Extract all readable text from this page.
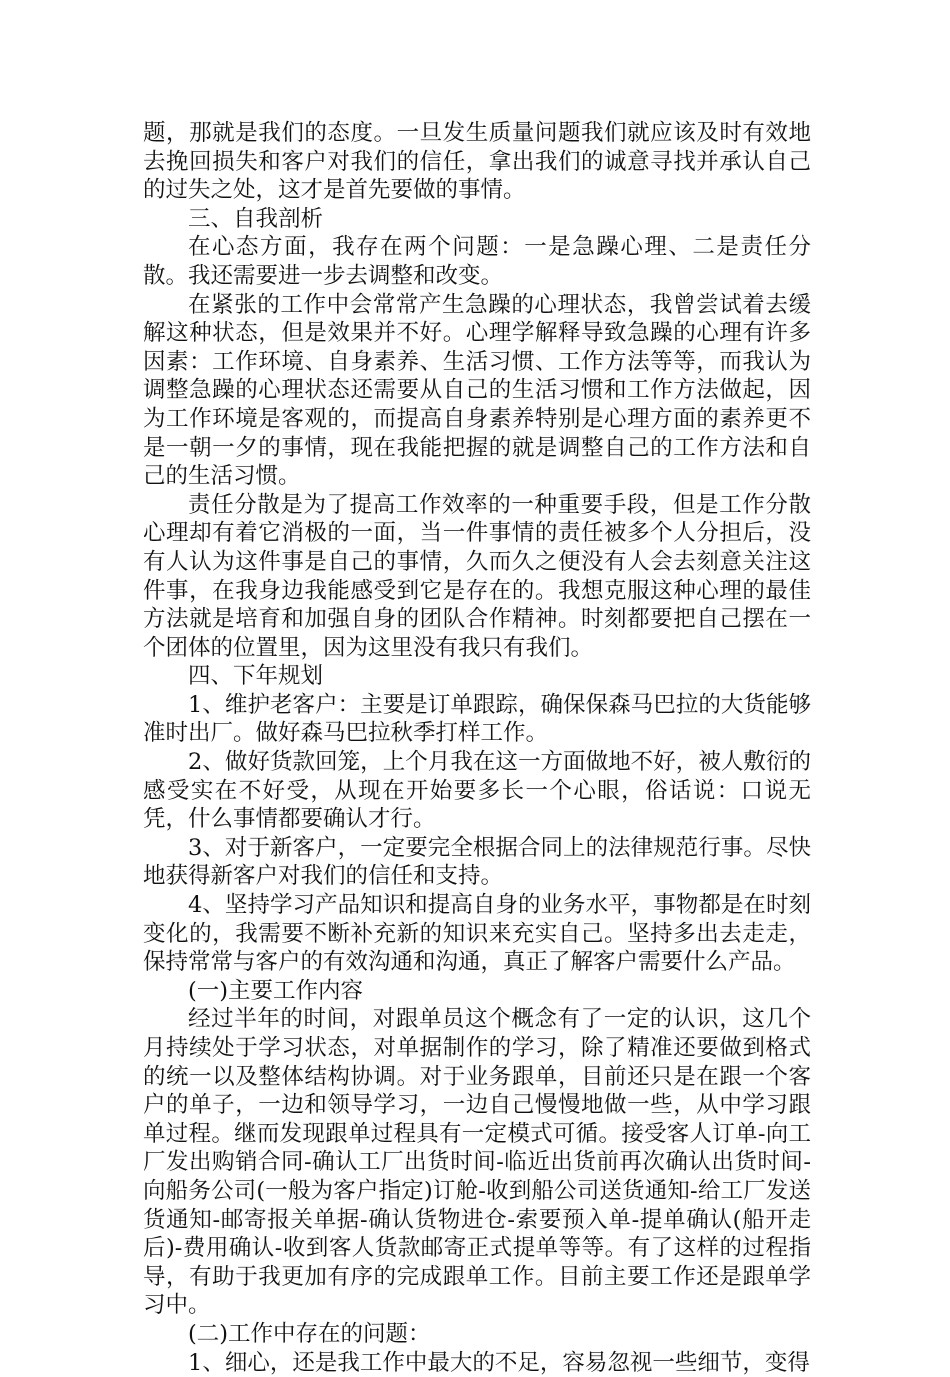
题，那就是我们的态度。一旦发生质量问题我们就应该及时有效地去挽回损失和客户对我们的信任，拿出我们的诚意寻找并承认自己的过失之处，这才是首先要做的事情。

三、自我剖析

在心态方面，我存在两个问题：一是急躁心理、二是责任分散。我还需要进一步去调整和改变。

在紧张的工作中会常常产生急躁的心理状态，我曾尝试着去缓解这种状态，但是效果并不好。心理学解释导致急躁的心理有许多因素：工作环境、自身素养、生活习惯、工作方法等等，而我认为调整急躁的心理状态还需要从自己的生活习惯和工作方法做起，因为工作环境是客观的，而提高自身素养特别是心理方面的素养更不是一朝一夕的事情，现在我能把握的就是调整自己的工作方法和自己的生活习惯。

责任分散是为了提高工作效率的一种重要手段，但是工作分散心理却有着它消极的一面，当一件事情的责任被多个人分担后，没有人认为这件事是自己的事情，久而久之便没有人会去刻意关注这件事，在我身边我能感受到它是存在的。我想克服这种心理的最佳方法就是培育和加强自身的团队合作精神。时刻都要把自己摆在一个团体的位置里，因为这里没有我只有我们。

四、下年规划

1、维护老客户：主要是订单跟踪，确保保森马巴拉的大货能够准时出厂。做好森马巴拉秋季打样工作。

2、做好货款回笼，上个月我在这一方面做地不好，被人敷衍的感受实在不好受，从现在开始要多长一个心眼，俗话说：口说无凭，什么事情都要确认才行。

3、对于新客户，一定要完全根据合同上的法律规范行事。尽快地获得新客户对我们的信任和支持。

4、坚持学习产品知识和提高自身的业务水平，事物都是在时刻变化的，我需要不断补充新的知识来充实自己。坚持多出去走走，保持常常与客户的有效沟通和沟通，真正了解客户需要什么产品。

(一)主要工作内容

经过半年的时间，对跟单员这个概念有了一定的认识，这几个月持续处于学习状态，对单据制作的学习，除了精准还要做到格式的统一以及整体结构协调。对于业务跟单，目前还只是在跟一个客户的单子，一边和领导学习，一边自己慢慢地做一些，从中学习跟单过程。继而发现跟单过程具有一定模式可循。接受客人订单-向工厂发出购销合同-确认工厂出货时间-临近出货前再次确认出货时间-向船务公司(一般为客户指定)订舱-收到船公司送货通知-给工厂发送货通知-邮寄报关单据-确认货物进仓-索要预入单-提单确认(船开走后)-费用确认-收到客人货款邮寄正式提单等等。有了这样的过程指导，有助于我更加有序的完成跟单工作。目前主要工作还是跟单学习中。

(二)工作中存在的问题：

1、细心，还是我工作中最大的不足，容易忽视一些细节，变得
